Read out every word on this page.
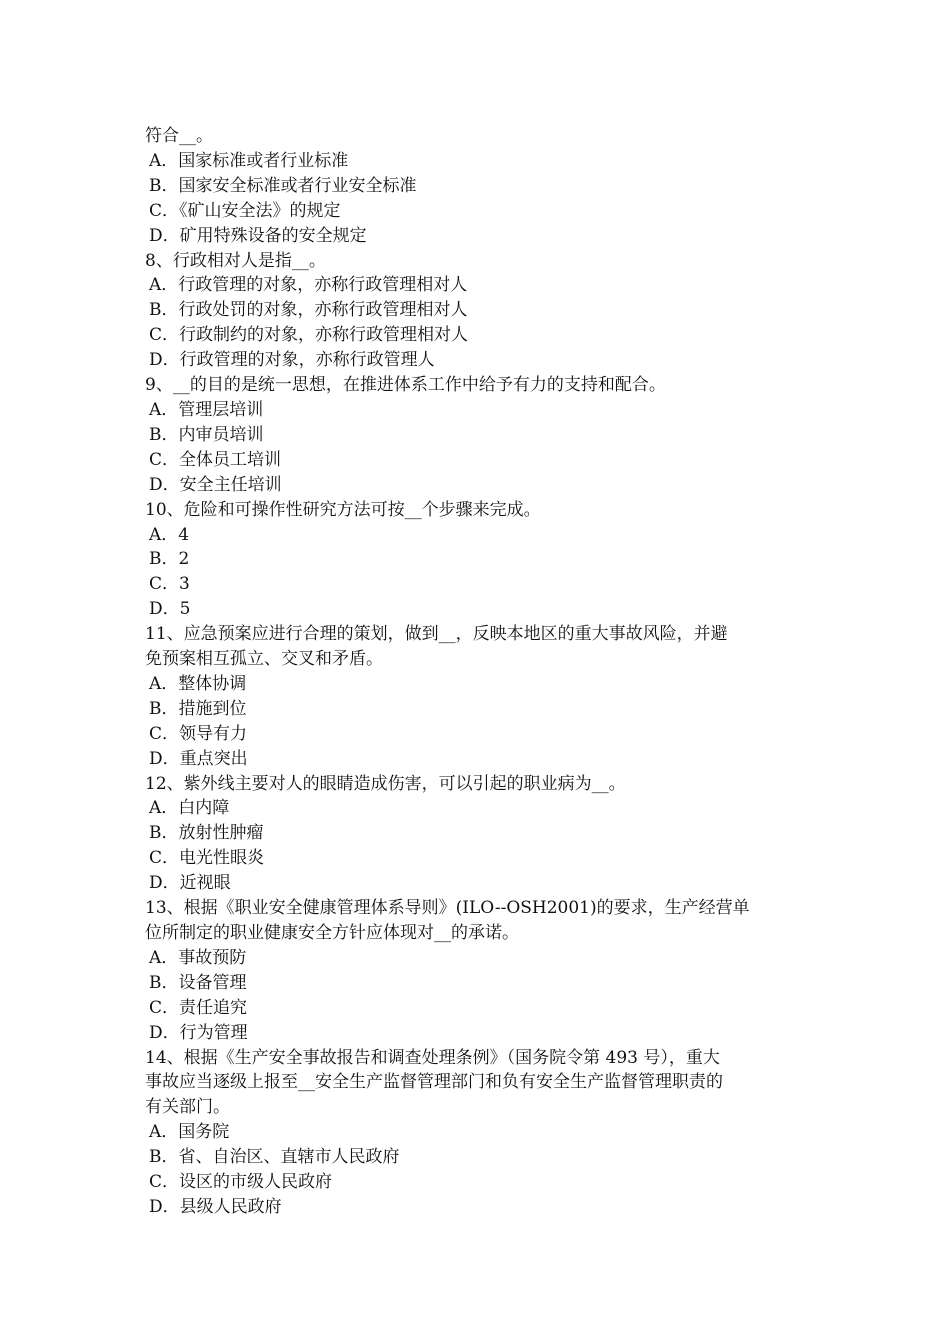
符合__。

A．国家标准或者行业标准

B．国家安全标准或者行业安全标准

C．《矿山安全法》的规定

D．矿用特殊设备的安全规定

8、行政相对人是指__。

A．行政管理的对象，亦称行政管理相对人

B．行政处罚的对象，亦称行政管理相对人

C．行政制约的对象，亦称行政管理相对人

D．行政管理的对象，亦称行政管理人

9、__的目的是统一思想，在推进体系工作中给予有力的支持和配合。

A．管理层培训

B．内审员培训

C．全体员工培训

D．安全主任培训

10、危险和可操作性研究方法可按__个步骤来完成。

A．4

B．2

C．3

D．5

11、应急预案应进行合理的策划，做到__，反映本地区的重大事故风险，并避

免预案相互孤立、交叉和矛盾。

A．整体协调

B．措施到位

C．领导有力

D．重点突出

12、紫外线主要对人的眼睛造成伤害，可以引起的职业病为__。

A．白内障

B．放射性肿瘤

C．电光性眼炎

D．近视眼

13、根据《职业安全健康管理体系导则》(ILO--OSH2001)的要求，生产经营单

位所制定的职业健康安全方针应体现对__的承诺。

A．事故预防

B．设备管理

C．责任追究

D．行为管理

14、根据《生产安全事故报告和调查处理条例》（国务院令第 493 号），重大

事故应当逐级上报至__安全生产监督管理部门和负有安全生产监督管理职责的

有关部门。

A．国务院

B．省、自治区、直辖市人民政府

C．设区的市级人民政府

D．县级人民政府
